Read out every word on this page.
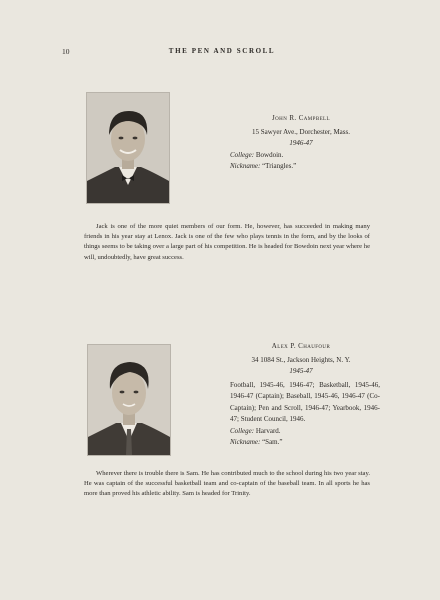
10	THE PEN AND SCROLL
John R. Campbell
15 Sawyer Ave., Dorchester, Mass.
1946-47
College: Bowdoin.
Nickname: “Triangles.”

Jack is one of the more quiet members of our form. He, however, has succeeded in making many friends in his year stay at Lenox. Jack is one of the few who plays tennis in the form, and by the looks of things seems to be taking over a large part of his competition. He is headed for Bowdoin next year where he will, undoubtedly, have great success.

Alex P. Chaufour
34 1084 St., Jackson Heights, N. Y.
1945-47
Football, 1945-46, 1946-47; Basketball, 1945-46, 1946-47 (Captain); Baseball, 1945-46, 1946-47 (Co-Captain); Pen and Scroll, 1946-47; Yearbook, 1946-47; Student Council, 1946.
College: Harvard.
Nickname: “Sam.”

Wherever there is trouble there is Sam. He has contributed much to the school during his two year stay. He was captain of the successful basketball team and co-captain of the baseball team. In all sports he has more than proved his athletic ability. Sam is headed for Trinity.
